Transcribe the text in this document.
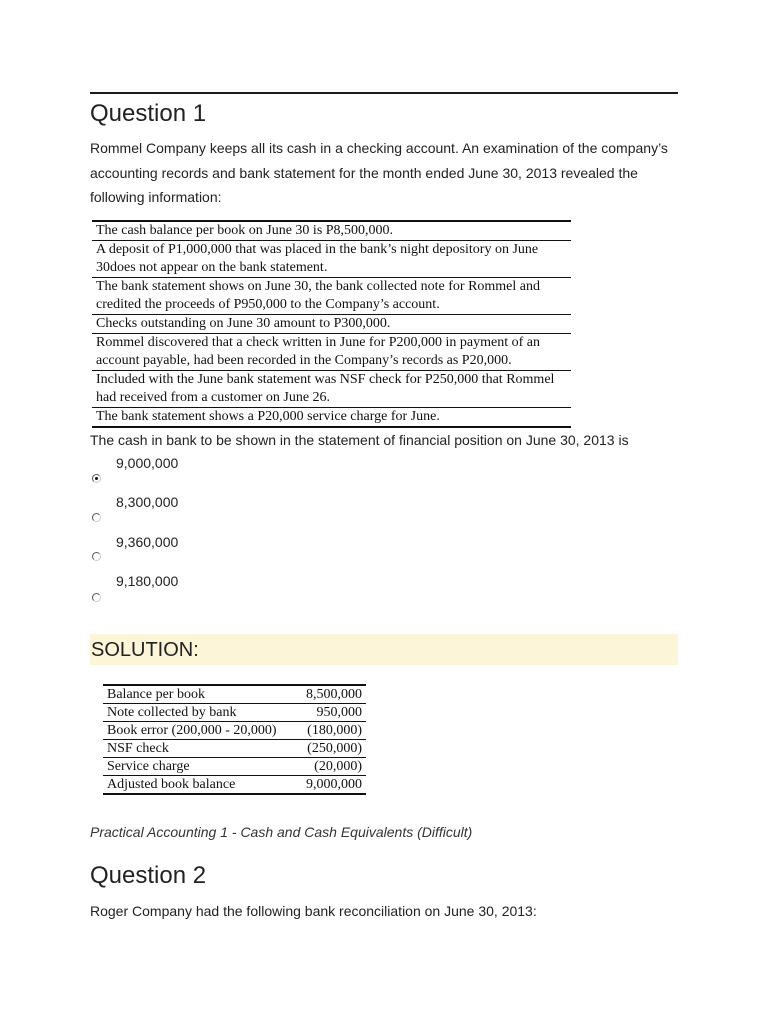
Question 1

Rommel Company keeps all its cash in a checking account. An examination of the company’s accounting records and bank statement for the month ended June 30, 2013 revealed the following information:

The cash balance per book on June 30 is P8,500,000.
A deposit of P1,000,000 that was placed in the bank’s night depository on June 30does not appear on the bank statement.
The bank statement shows on June 30, the bank collected note for Rommel and credited the proceeds of P950,000 to the Company’s account.
Checks outstanding on June 30 amount to P300,000.
Rommel discovered that a check written in June for P200,000 in payment of an account payable, had been recorded in the Company’s records as P20,000.
Included with the June bank statement was NSF check for P250,000 that Rommel had received from a customer on June 26.
The bank statement shows a P20,000 service charge for June.

The cash in bank to be shown in the statement of financial position on June 30, 2013 is

9,000,000
8,300,000
9,360,000
9,180,000
SOLUTION:
Balance per book	8,500,000
Note collected by bank	950,000
Book error (200,000 - 20,000)	(180,000)
NSF check	(250,000)
Service charge	(20,000)
Adjusted book balance	9,000,000

Practical Accounting 1 - Cash and Cash Equivalents (Difficult)

Question 2

Roger Company had the following bank reconciliation on June 30, 2013:
